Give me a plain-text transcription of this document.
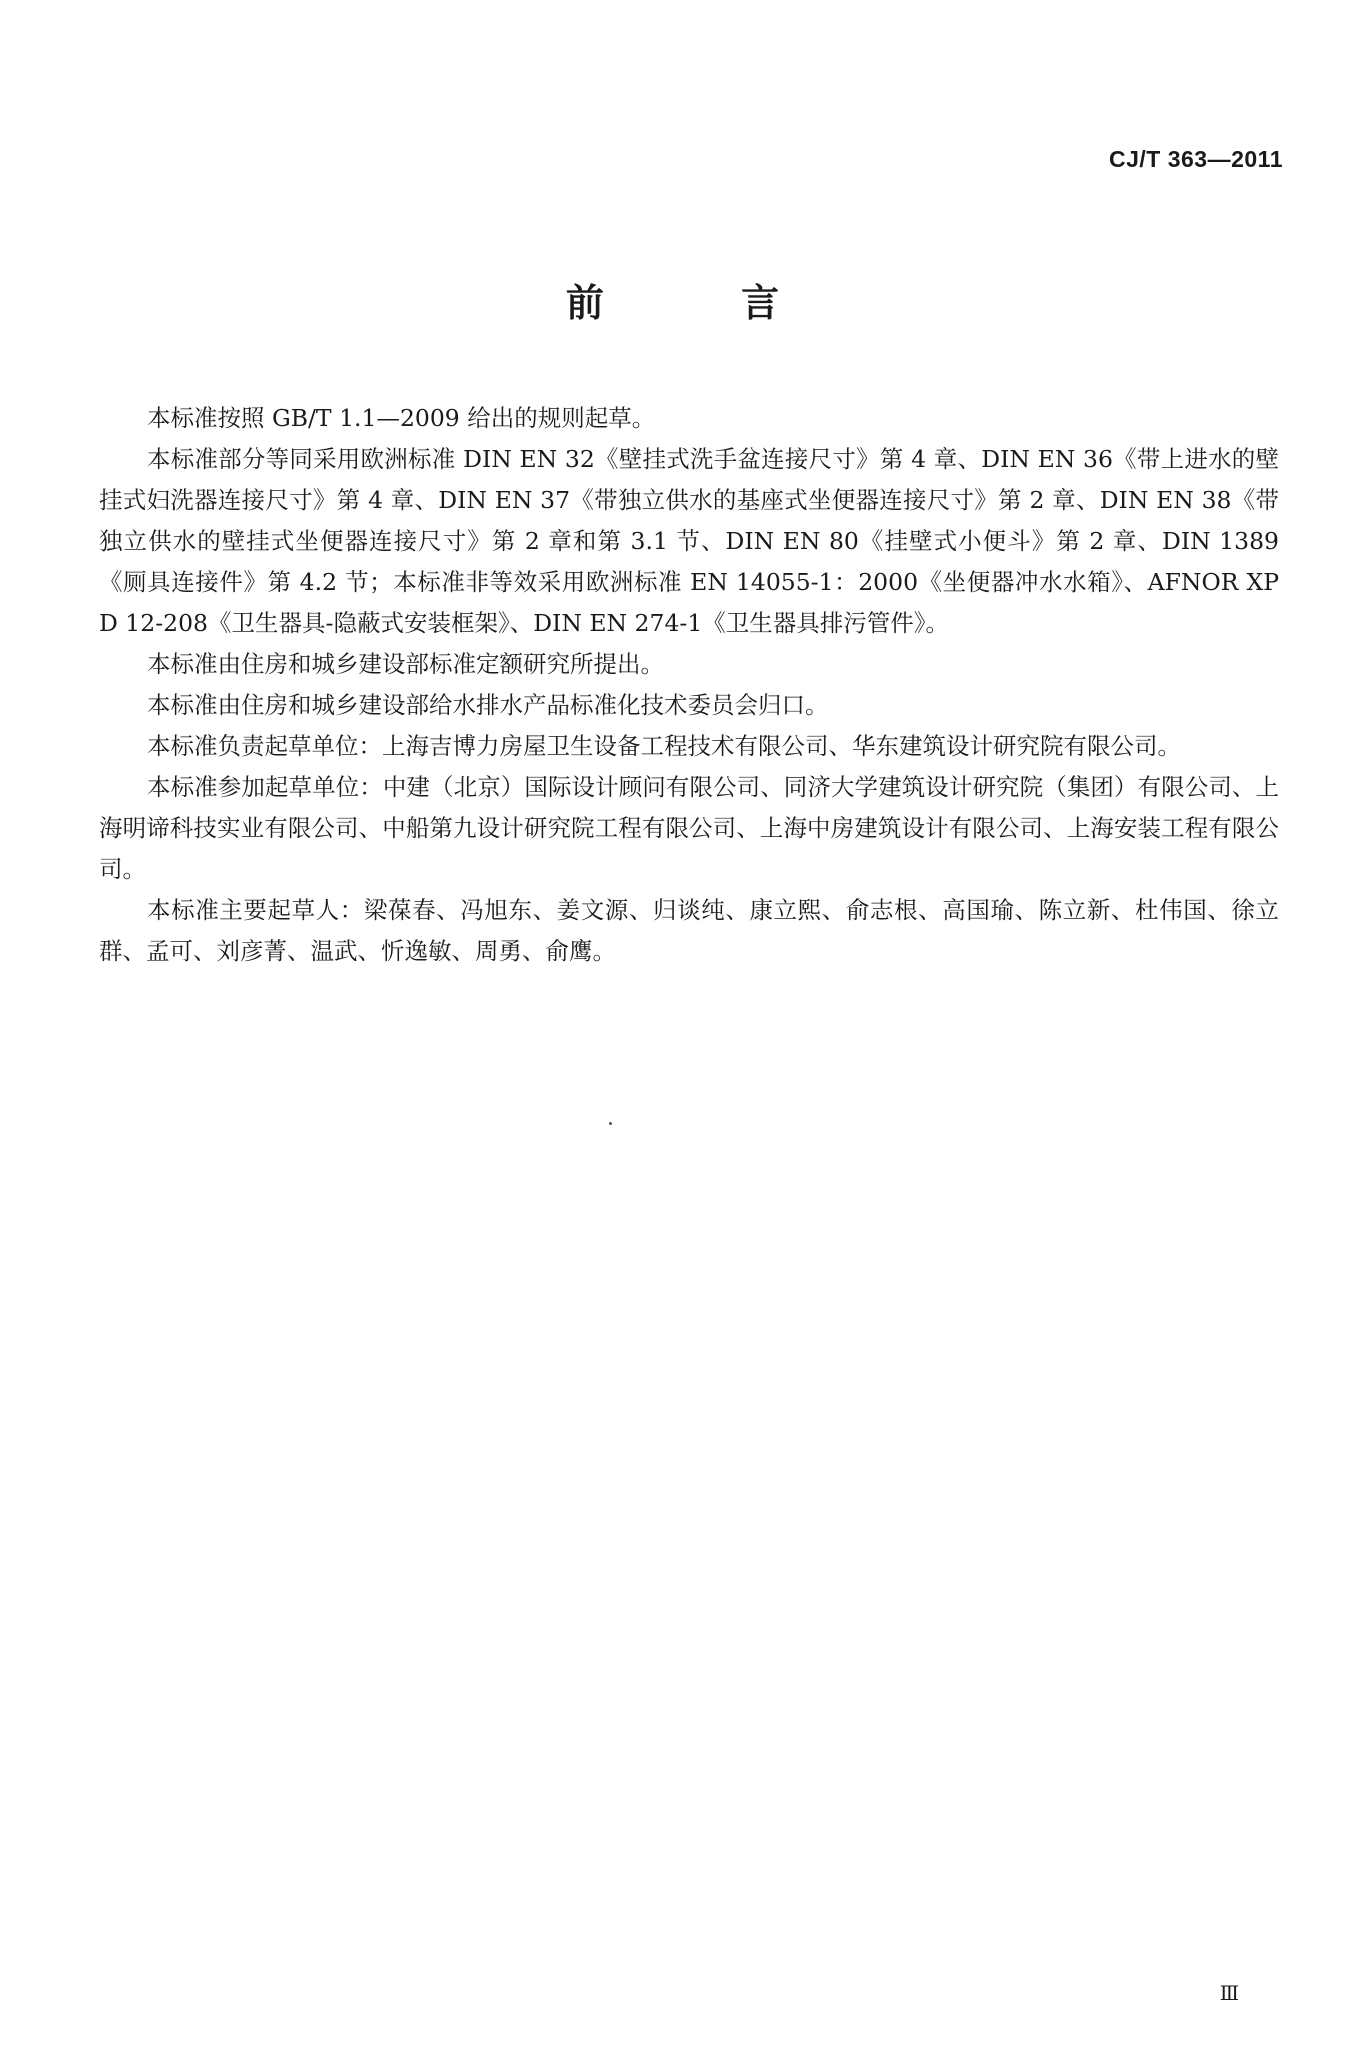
CJ/T 363—2011
前 言

本标准按照 GB/T 1.1—2009 给出的规则起草。

本标准部分等同采用欧洲标准 DIN EN 32《壁挂式洗手盆连接尺寸》第 4 章、DIN EN 36《带上进水的壁挂式妇洗器连接尺寸》第 4 章、DIN EN 37《带独立供水的基座式坐便器连接尺寸》第 2 章、DIN EN 38《带独立供水的壁挂式坐便器连接尺寸》第 2 章和第 3.1 节、DIN EN 80《挂壁式小便斗》第 2 章、DIN 1389《厕具连接件》第 4.2 节；本标准非等效采用欧洲标准 EN 14055-1：2000《坐便器冲水水箱》、AFNOR XP D 12-208《卫生器具-隐蔽式安装框架》、DIN EN 274-1《卫生器具排污管件》。

本标准由住房和城乡建设部标准定额研究所提出。

本标准由住房和城乡建设部给水排水产品标准化技术委员会归口。

本标准负责起草单位：上海吉博力房屋卫生设备工程技术有限公司、华东建筑设计研究院有限公司。

本标准参加起草单位：中建（北京）国际设计顾问有限公司、同济大学建筑设计研究院（集团）有限公司、上海明谛科技实业有限公司、中船第九设计研究院工程有限公司、上海中房建筑设计有限公司、上海安装工程有限公司。

本标准主要起草人：梁葆春、冯旭东、姜文源、归谈纯、康立熙、俞志根、高国瑜、陈立新、杜伟国、徐立群、孟可、刘彦菁、温武、忻逸敏、周勇、俞鹰。

Ⅲ
